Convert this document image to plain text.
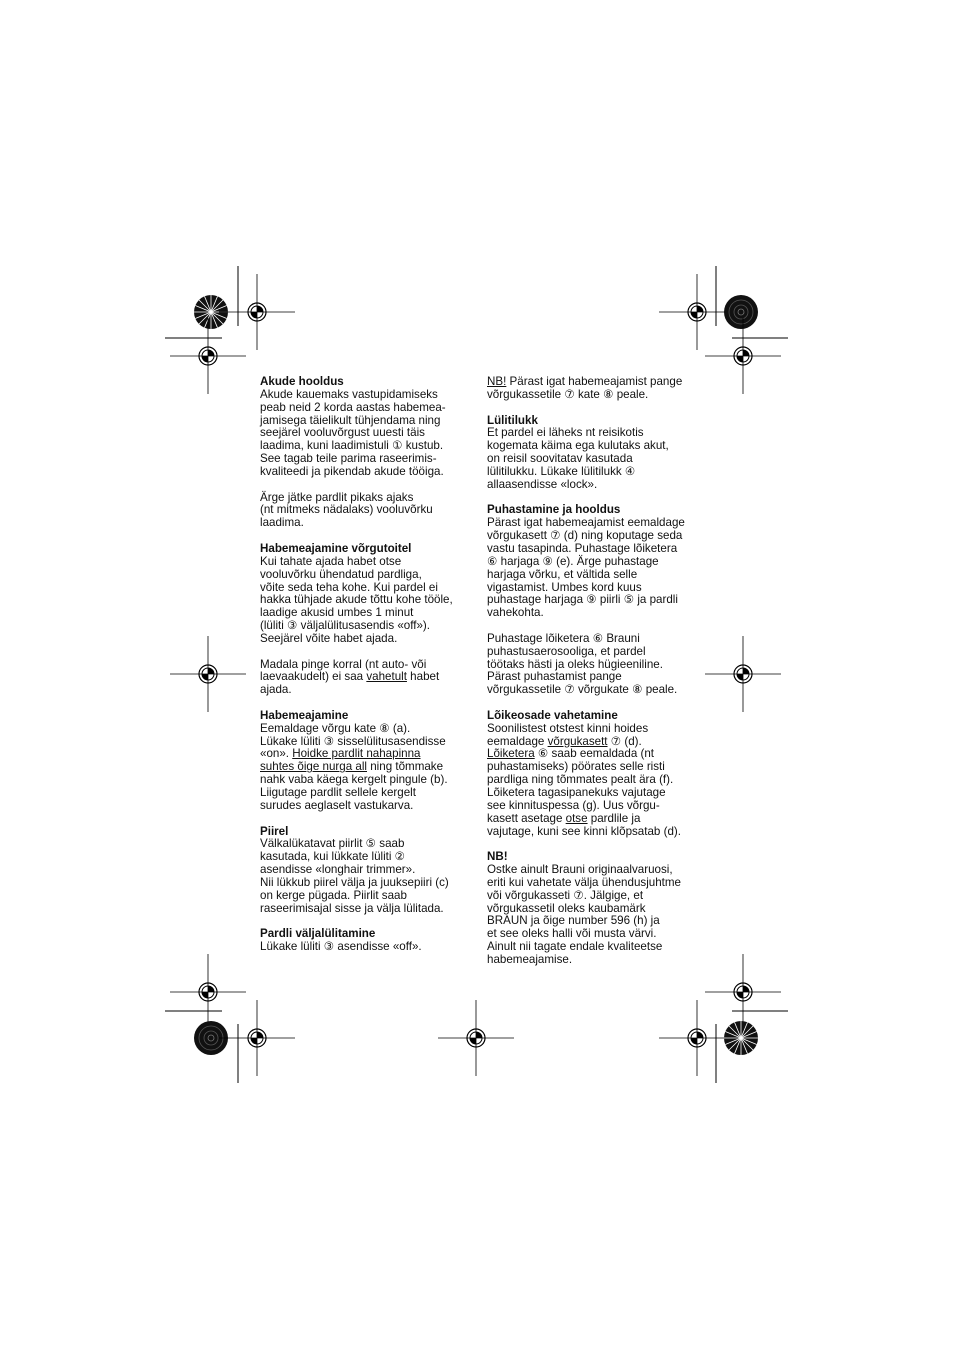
Akude hooldus
Akude kauemaks vastupidamiseks
peab neid 2 korda aastas habemea-
jamisega täielikult tühjendama ning
seejärel vooluvõrgust uuesti täis
laadima, kuni laadimistuli ① kustub.
See tagab teile parima raseerimis-
kvaliteedi ja pikendab akude tööiga.
Ärge jätke pardlit pikaks ajaks
(nt mitmeks nädalaks) vooluvõrku
laadima.
Habemeajamine võrgutoitel
Kui tahate ajada habet otse
vooluvõrku ühendatud pardliga,
võite seda teha kohe. Kui pardel ei
hakka tühjade akude tõttu kohe tööle,
laadige akusid umbes 1 minut
(lüliti ③ väljalülitusasendis «off»).
Seejärel võite habet ajada.
Madala pinge korral (nt auto- või
laevaakudelt) ei saa vahetult habet
ajada.
Habemeajamine
Eemaldage võrgu kate ⑧ (a).
Lükake lüliti ③ sisselülitusasendisse
«on». Hoidke pardlit nahapinna
suhtes õige nurga all ning tõmmake
nahk vaba käega kergelt pingule (b).
Liigutage pardlit sellele kergelt
surudes aeglaselt vastukarva.
Piirel
Välkalükatavat piirlit ⑤ saab
kasutada, kui lükkate lüliti ②
asendisse «longhair trimmer».
Nii lükkub piirel välja ja juuksepiiri (c)
on kerge pügada. Piirlit saab
raseerimisajal sisse ja välja lülitada.
Pardli väljalülitamine
Lükake lüliti ③ asendisse «off».
NB! Pärast igat habemeajamist pange
võrgukassetile ⑦ kate ⑧ peale.
Lülitilukk
Et pardel ei läheks nt reisikotis
kogemata käima ega kulutaks akut,
on reisil soovitatav kasutada
lülitilukku. Lükake lülitilukk ④
allaasendisse «lock».
Puhastamine ja hooldus
Pärast igat habemeajamist eemaldage
võrgukasett ⑦ (d) ning koputage seda
vastu tasapinda. Puhastage lõiketera
⑥ harjaga ⑨ (e). Ärge puhastage
harjaga võrku, et vältida selle
vigastamist. Umbes kord kuus
puhastage harjaga ⑨ piirli ⑤ ja pardli
vahekohta.
Puhastage lõiketera ⑥ Brauni
puhastusaerosooliga, et pardel
töötaks hästi ja oleks hügieeniline.
Pärast puhastamist pange
võrgukassetile ⑦ võrgukate ⑧ peale.
Lõikeosade vahetamine
Soonilistest otstest kinni hoides
eemaldage võrgukasett ⑦ (d).
Lõiketera ⑥ saab eemaldada (nt
puhastamiseks) pöörates selle risti
pardliga ning tõmmates pealt ära (f).
Lõiketera tagasipanekuks vajutage
see kinnituspessa (g). Uus võrgu-
kasett asetage otse pardlile ja
vajutage, kuni see kinni klõpsatab (d).
NB!
Ostke ainult Brauni originaalvaruosi,
eriti kui vahetate välja ühendusjuhtme
või võrgukasseti ⑦. Jälgige, et
võrgukassetil oleks kaubamärk
BRAUN ja õige number 596 (h) ja
et see oleks halli või musta värvi.
Ainult nii tagate endale kvaliteetse
habemeajamise.
